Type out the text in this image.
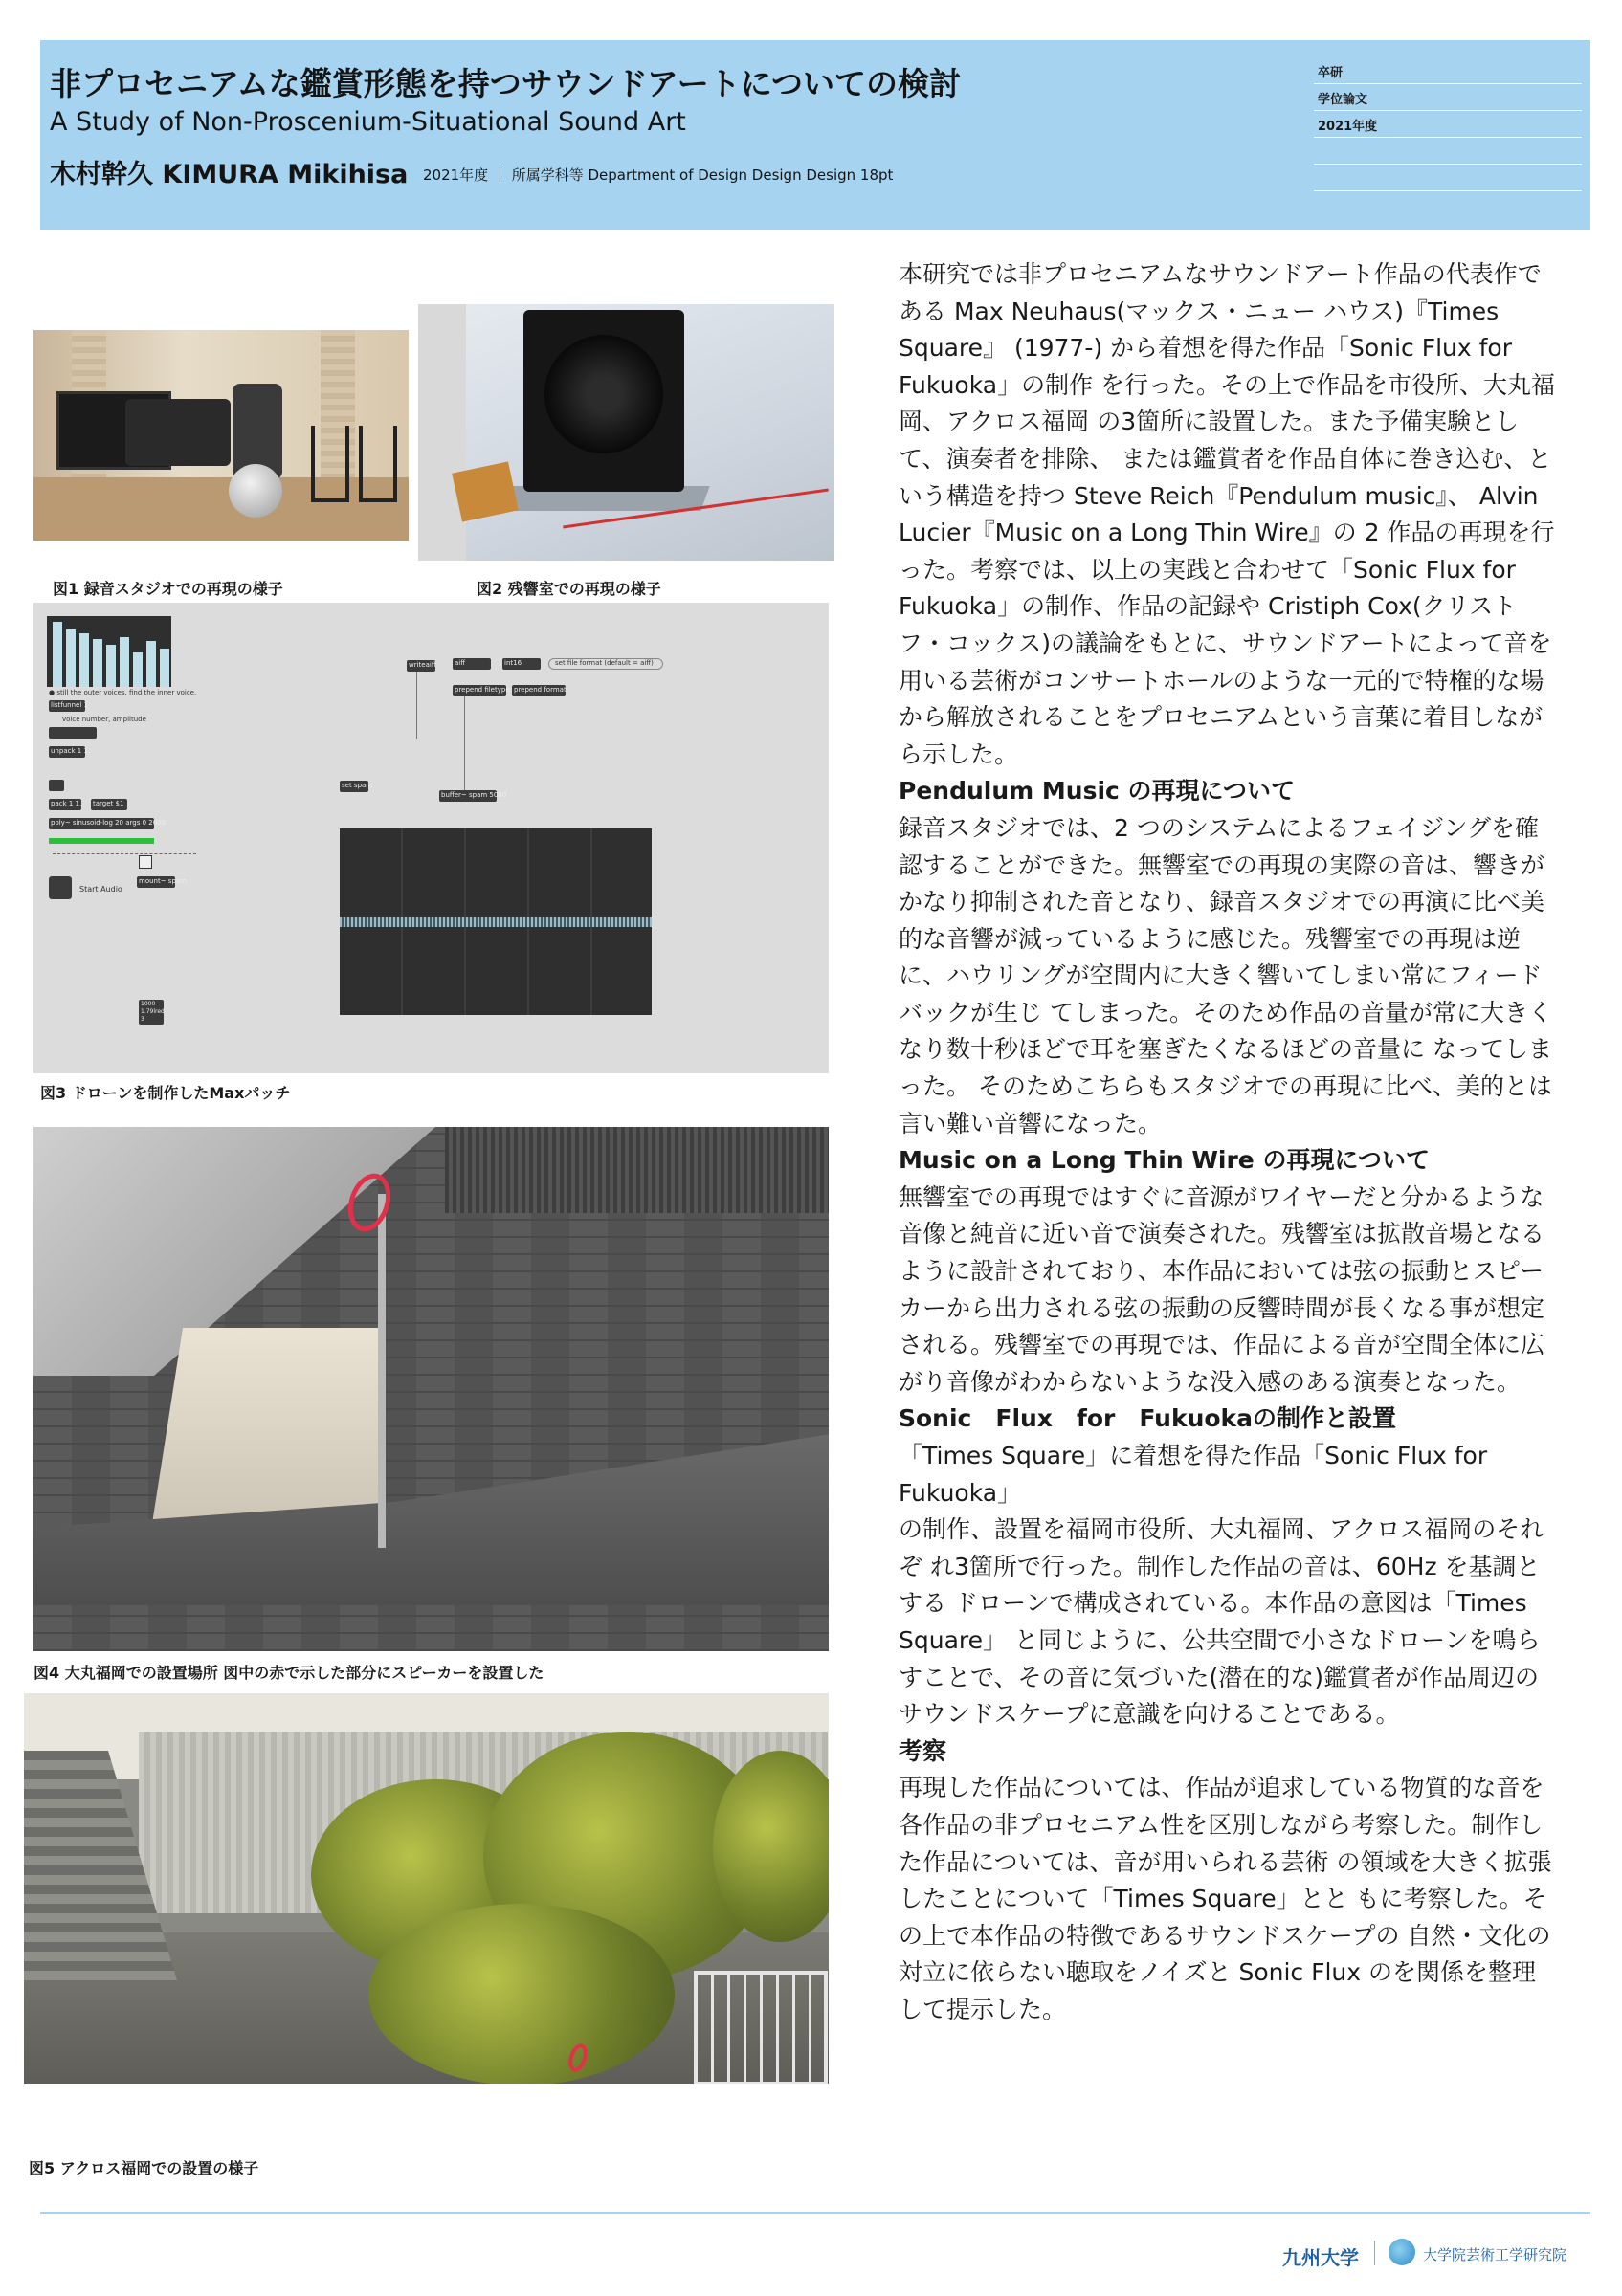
非プロセニアムな鑑賞形態を持つサウンドアートについての検討
A Study of Non-Proscenium-Situational Sound Art
木村幹久 KIMURA Mikihisa 2021年度 ｜ 所属学科等 Department of Design Design Design 18pt
卒研
学位論文
2021年度
図1 録音スタジオでの再現の様子	図2 残響室での再現の様子
● still the outer voices. find the inner voice.
listfunnel 1
voice number, amplitude
unpack 1 1.
pack 1 1. target $1
poly~ sinusoid-log 20 args 0 2000
Start Audio
mount~ spam
1000
1.79lred
3
writeaiff	aiff	int16	set file format (default = aiff)
prepend filetype prepend format
buffer~ spam 5000
set spam
図3 ドローンを制作したMaxパッチ
図4 大丸福岡での設置場所 図中の赤で示した部分にスピーカーを設置した
図5 アクロス福岡での設置の様子

本研究では非プロセニアムなサウンドアート作品の代表作で

ある Max Neuhaus(マックス・ニュー ハウス)『Times Square』 (1977-) から着想を得た作品「Sonic Flux for Fukuoka」の制作 を行った。その上で作品を市役所、大丸福岡、アクロス福岡 の3箇所に設置した。また予備実験として、演奏者を排除、 または鑑賞者を作品自体に巻き込む、という構造を持つ Steve Reich『Pendulum music』、 Alvin Lucier『Music on a Long Thin Wire』の 2 作品の再現を行った。考察では、以上の実践と合わせて「Sonic Flux for Fukuoka」の制作、作品の記録や Cristiph Cox(クリストフ・コックス)の議論をもとに、サウンドアートによって音を用いる芸術がコンサートホールのような一元的で特権的な場から解放されることをプロセニアムという言葉に着目しながら示した。

Pendulum Music の再現について

録音スタジオでは、2 つのシステムによるフェイジングを確 認することができた。無響室での再現の実際の音は、響きが かなり抑制された音となり、録音スタジオでの再演に比べ美 的な音響が減っているように感じた。残響室での再現は逆に、ハウリングが空間内に大きく響いてしまい常にフィードバックが生じ てしまった。そのため作品の音量が常に大きくなり数十秒ほどで耳を塞ぎたくなるほどの音量に なってしまった。 そのためこちらもスタジオでの再現に比べ、美的とは言い難い音響になった。

Music on a Long Thin Wire の再現について

無響室での再現ではすぐに音源がワイヤーだと分かるような 音像と純音に近い音で演奏された。残響室は拡散音場となる ように設計されており、本作品においては弦の振動とスピー カーから出力される弦の振動の反響時間が長くなる事が想定 される。残響室での再現では、作品による音が空間全体に広 がり音像がわからないような没入感のある演奏となった。

Sonic　Flux　for　Fukuokaの制作と設置

「Times Square」に着想を得た作品「Sonic Flux for Fukuoka」

の制作、設置を福岡市役所、大丸福岡、アクロス福岡のそれぞ れ3箇所で行った。制作した作品の音は、60Hz を基調とする ドローンで構成されている。本作品の意図は「Times Square」 と同じように、公共空間で小さなドローンを鳴らすことで、その音に気づいた(潜在的な)鑑賞者が作品周辺のサウンドスケープに意識を向けることである。

考察

再現した作品については、作品が追求している物質的な音を 各作品の非プロセニアム性を区別しながら考察した。制作した作品については、音が用いられる芸術 の領域を大きく拡張したことについて「Times Square」とと もに考察した。その上で本作品の特徴であるサウンドスケープの 自然・文化の対立に依らない聴取をノイズと Sonic Flux のを関係を整理して提示した。

九州大学	大学院芸術工学研究院
